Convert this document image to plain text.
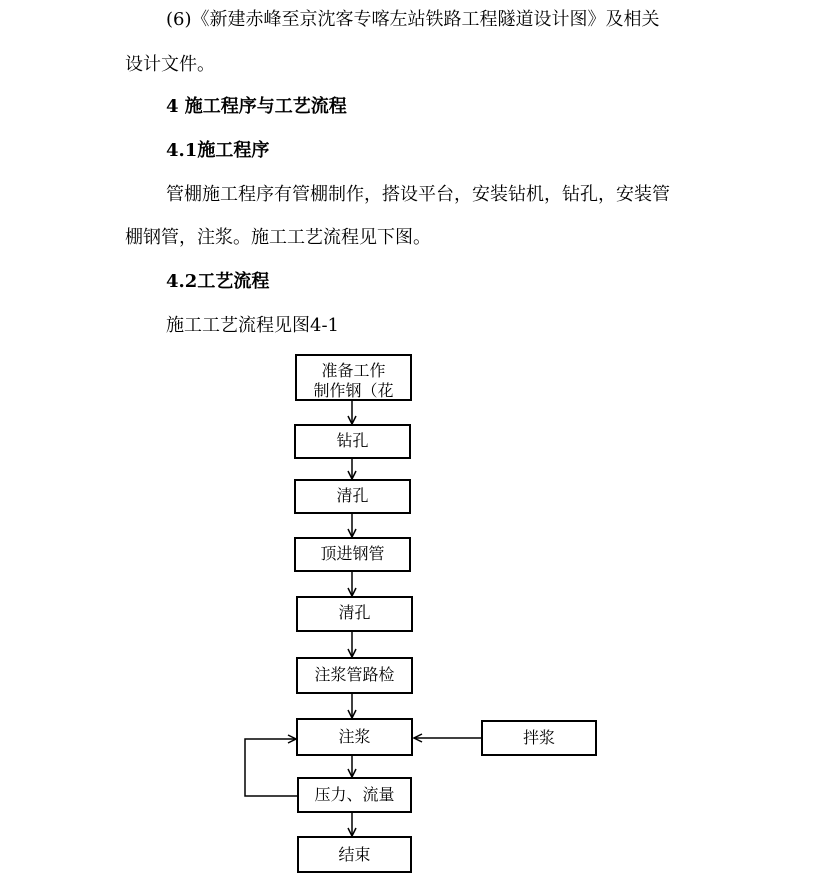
(6)《新建赤峰至京沈客专喀左站铁路工程隧道设计图》及相关
设计文件。
4 施工程序与工艺流程
4.1施工程序
管棚施工程序有管棚制作，搭设平台，安装钻机，钻孔，安装管
棚钢管，注浆。施工工艺流程见下图。
4.2工艺流程
施工工艺流程见图4-1
准备工作
制作钢（花
钻孔
清孔
顶进钢管
清孔
注浆管路检
注浆	拌浆
压力、流量
结束
